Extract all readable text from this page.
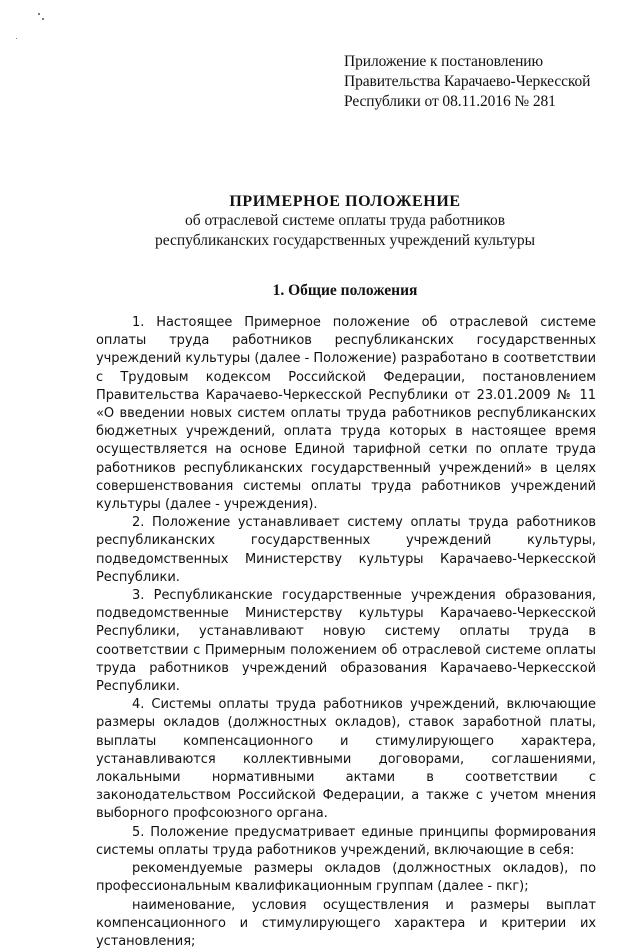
Приложение к постановлению
Правительства Карачаево-Черкесской
Республики от 08.11.2016 № 281
ПРИМЕРНОЕ ПОЛОЖЕНИЕ
об отраслевой системе оплаты труда работников
республиканских государственных учреждений культуры
1. Общие положения

1. Настоящее Примерное положение об отраслевой системе оплаты труда работников республиканских государственных учреждений культуры (далее - Положение) разработано в соответствии с Трудовым кодексом Российской Федерации, постановлением Правительства Карачаево-Черкесской Республики от 23.01.2009 № 11 «О введении новых систем оплаты труда работников республиканских бюджетных учреждений, оплата труда которых в настоящее время осуществляется на основе Единой тарифной сетки по оплате труда работников республиканских государственный учреждений» в целях совершенствования системы оплаты труда работников учреждений культуры (далее - учреждения).

2. Положение устанавливает систему оплаты труда работников республиканских государственных учреждений культуры, подведомственных Министерству культуры Карачаево-Черкесской Республики.

3. Республиканские государственные учреждения образования, подведомственные Министерству культуры Карачаево-Черкесской Республики, устанавливают новую систему оплаты труда в соответствии с Примерным положением об отраслевой системе оплаты труда работников учреждений образования Карачаево-Черкесской Республики.

4. Системы оплаты труда работников учреждений, включающие размеры окладов (должностных окладов), ставок заработной платы, выплаты компенсационного и стимулирующего характера, устанавливаются коллективными договорами, соглашениями, локальными нормативными актами в соответствии с законодательством Российской Федерации, а также с учетом мнения выборного профсоюзного органа.

5. Положение предусматривает единые принципы формирования системы оплаты труда работников учреждений, включающие в себя:

рекомендуемые размеры окладов (должностных окладов), по профессиональным квалификационным группам (далее - пкг);

наименование, условия осуществления и размеры выплат компенсационного и стимулирующего характера и критерии их установления;
